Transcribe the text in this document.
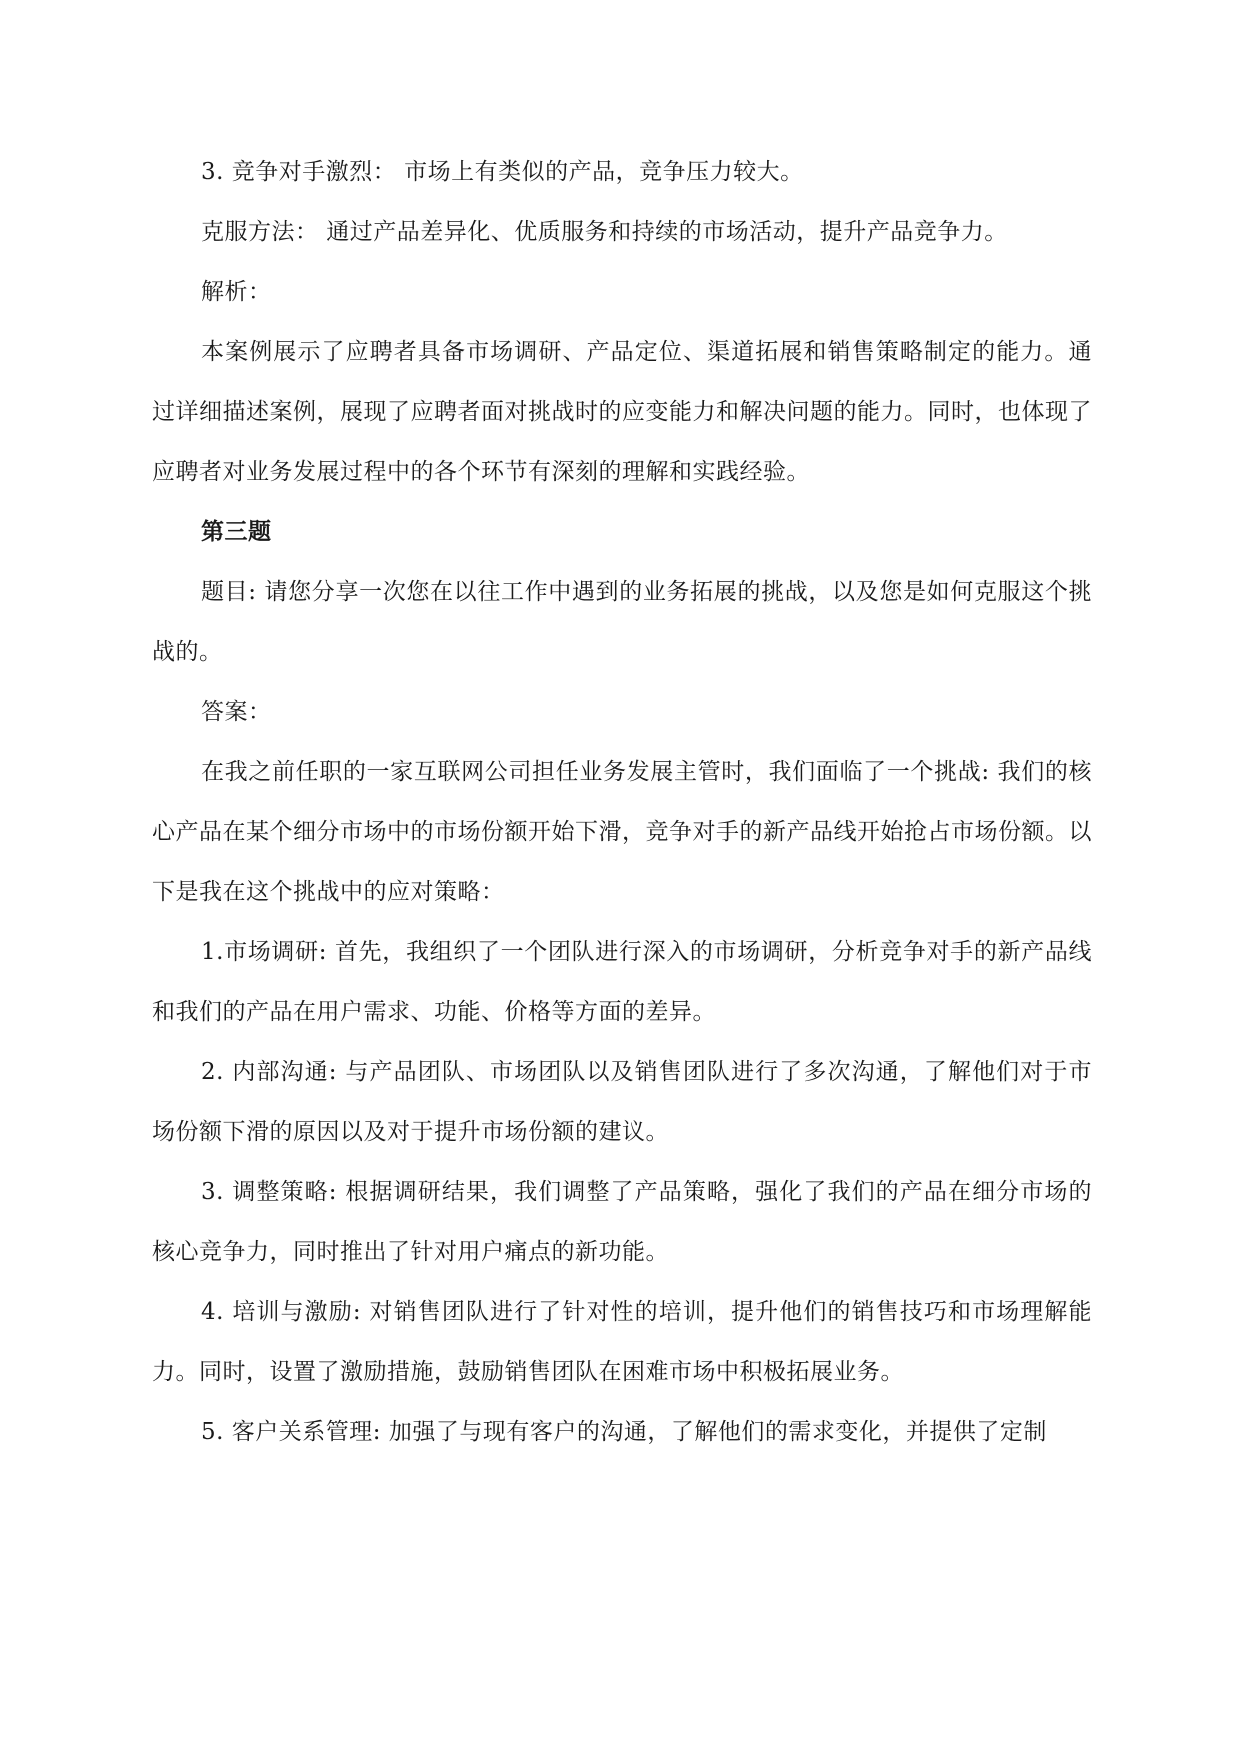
3. 竞争对手激烈： 市场上有类似的产品，竞争压力较大。

克服方法： 通过产品差异化、优质服务和持续的市场活动，提升产品竞争力。

解析：

本案例展示了应聘者具备市场调研、产品定位、渠道拓展和销售策略制定的能力。通过详细描述案例，展现了应聘者面对挑战时的应变能力和解决问题的能力。同时，也体现了应聘者对业务发展过程中的各个环节有深刻的理解和实践经验。

第三题

题目: 请您分享一次您在以往工作中遇到的业务拓展的挑战，以及您是如何克服这个挑战的。

答案：

在我之前任职的一家互联网公司担任业务发展主管时，我们面临了一个挑战: 我们的核心产品在某个细分市场中的市场份额开始下滑，竞争对手的新产品线开始抢占市场份额。以下是我在这个挑战中的应对策略：

1.市场调研: 首先，我组织了一个团队进行深入的市场调研，分析竞争对手的新产品线和我们的产品在用户需求、功能、价格等方面的差异。

2. 内部沟通: 与产品团队、市场团队以及销售团队进行了多次沟通，了解他们对于市场份额下滑的原因以及对于提升市场份额的建议。

3. 调整策略: 根据调研结果，我们调整了产品策略，强化了我们的产品在细分市场的核心竞争力，同时推出了针对用户痛点的新功能。

4. 培训与激励: 对销售团队进行了针对性的培训，提升他们的销售技巧和市场理解能力。同时，设置了激励措施，鼓励销售团队在困难市场中积极拓展业务。

5. 客户关系管理: 加强了与现有客户的沟通，了解他们的需求变化，并提供了定制
